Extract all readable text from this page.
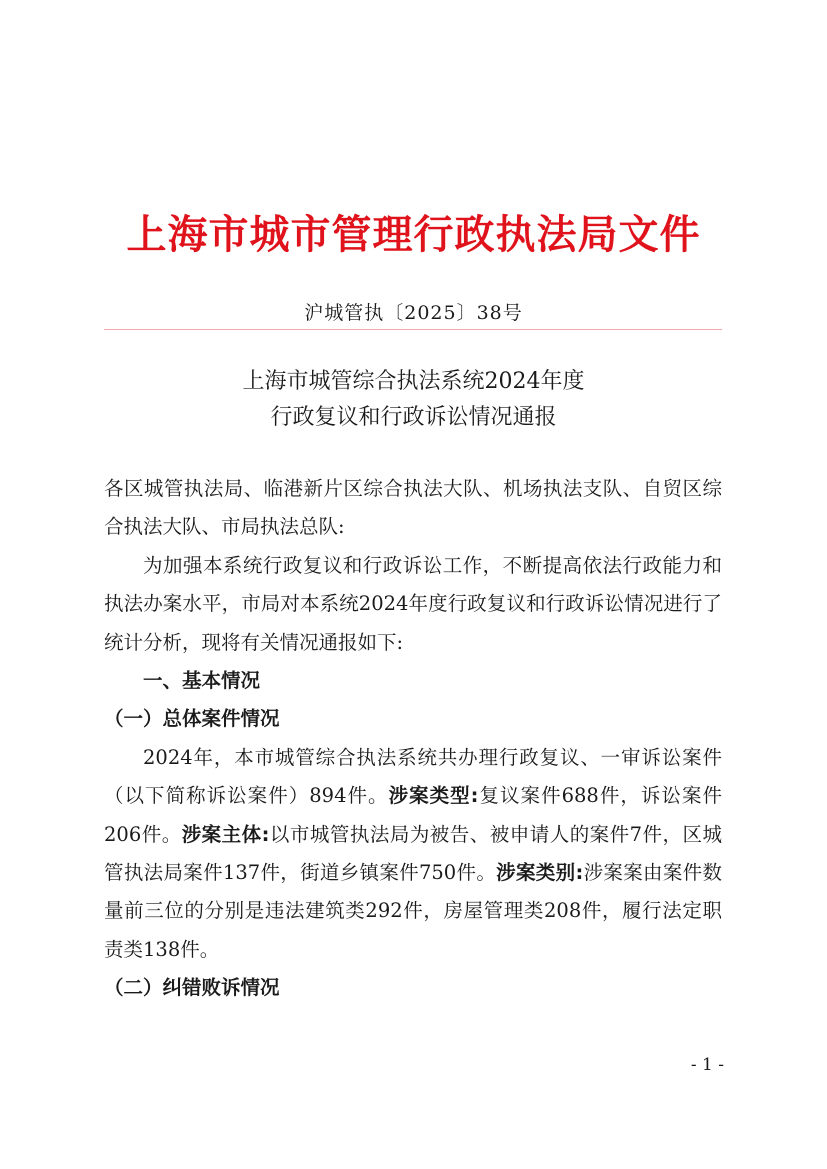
上海市城市管理行政执法局文件
沪城管执〔2025〕38号
上海市城管综合执法系统2024年度
行政复议和行政诉讼情况通报

各区城管执法局、临港新片区综合执法大队、机场执法支队、自贸区综合执法大队、市局执法总队:

为加强本系统行政复议和行政诉讼工作，不断提高依法行政能力和执法办案水平，市局对本系统2024年度行政复议和行政诉讼情况进行了统计分析，现将有关情况通报如下:

一、基本情况

（一）总体案件情况

2024年，本市城管综合执法系统共办理行政复议、一审诉讼案件（以下简称诉讼案件）894件。涉案类型:复议案件688件，诉讼案件206件。涉案主体:以市城管执法局为被告、被申请人的案件7件，区城管执法局案件137件，街道乡镇案件750件。涉案类别:涉案案由案件数量前三位的分别是违法建筑类292件，房屋管理类208件，履行法定职责类138件。

（二）纠错败诉情况

- 1 -
